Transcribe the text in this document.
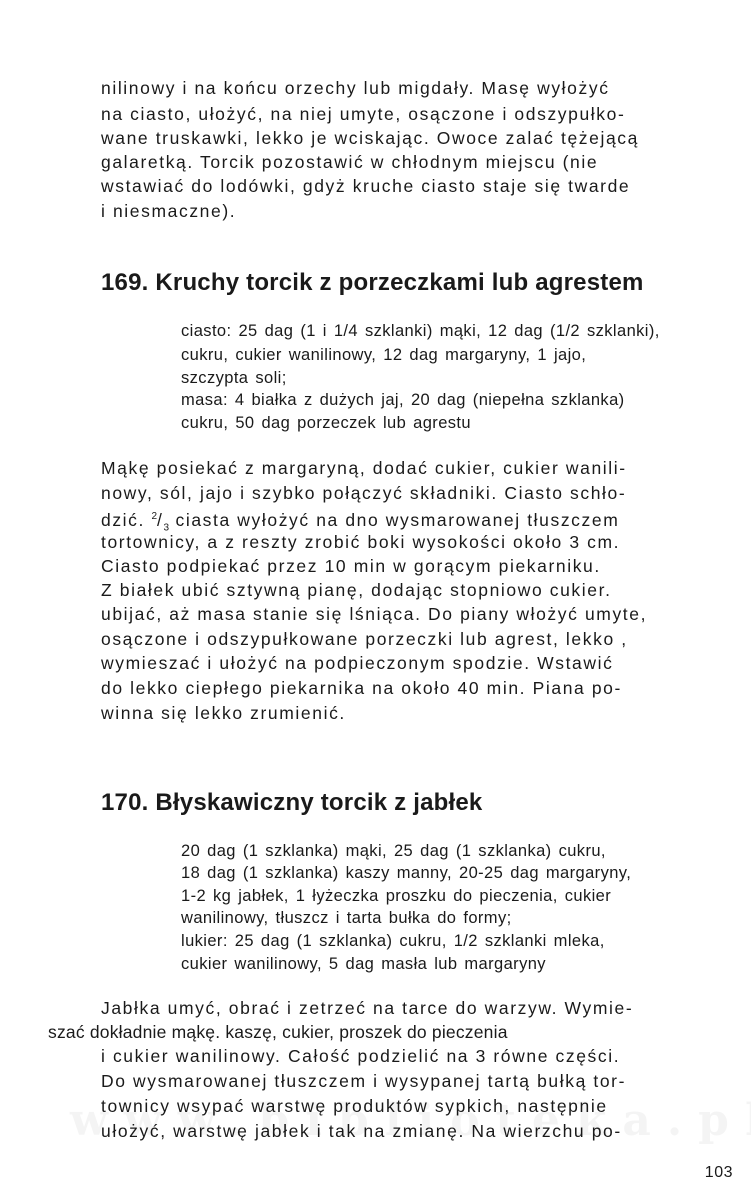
nilinowy i na końcu orzechy lub migdały. Masę wyłożyć
na ciasto, ułożyć, na niej umyte, osączone i odszypułko-
wane truskawki, lekko je wciskając. Owoce zalać tężejącą
galaretką. Torcik pozostawić w chłodnym miejscu (nie
wstawiać do lodówki, gdyż kruche ciasto staje się twarde
i niesmaczne).
169. Kruchy torcik z porzeczkami lub agrestem
ciasto: 25 dag (1 i 1/4 szklanki) mąki, 12 dag (1/2 szklanki),
cukru, cukier wanilinowy, 12 dag margaryny, 1 jajo,
szczypta soli;
masa: 4 białka z dużych jaj, 20 dag (niepełna szklanka)
cukru, 50 dag porzeczek lub agrestu
Mąkę posiekać z margaryną, dodać cukier, cukier wanili-
nowy, sól, jajo i szybko połączyć składniki. Ciasto schło-
dzić. $^2/_3$ ciasta wyłożyć na dno wysmarowanej tłuszczem
tortownicy, a z reszty zrobić boki wysokości około 3 cm.
Ciasto podpiekać przez 10 min w gorącym piekarniku.
Z białek ubić sztywną pianę, dodając stopniowo cukier.
ubijać, aż masa stanie się lśniąca. Do piany włożyć umyte,
osączone i odszypułkowane porzeczki lub agrest, lekko ,
wymieszać i ułożyć na podpieczonym spodzie. Wstawić
do lekko ciepłego piekarnika na około 40 min. Piana po-
winna się lekko zrumienić.
170. Błyskawiczny torcik z jabłek
20 dag (1 szklanka) mąki, 25 dag (1 szklanka) cukru,
18 dag (1 szklanka) kaszy manny, 20-25 dag margaryny,
1-2 kg jabłek, 1 łyżeczka proszku do pieczenia, cukier
wanilinowy, tłuszcz i tarta bułka do formy;
lukier: 25 dag (1 szklanka) cukru, 1/2 szklanki mleka,
cukier wanilinowy, 5 dag masła lub margaryny
Jabłka umyć, obrać i zetrzeć na tarce do warzyw. Wymie-
szać dokładnie mąkę. kaszę, cukier, proszek do pieczenia
i cukier wanilinowy. Całość podzielić na 3 równe części.
Do wysmarowanej tłuszczem i wysypanej tartą bułką tor-
townicy wsypać warstwę produktów sypkich, następnie
ułożyć, warstwę jabłek i tak na zmianę. Na wierzchu po-
103
